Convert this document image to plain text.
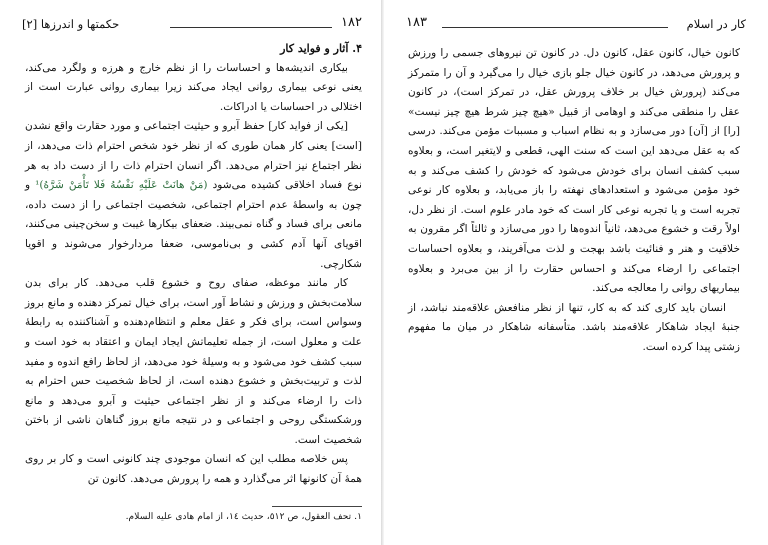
۱۸۲
حکمتها و اندرزها [۲]

۴. آثار و فواید کار

بیکاری اندیشه‌ها و احساسات را از نظم خارج و هرزه و ولگرد می‌کند، یعنی نوعی بیماری روانی ایجاد می‌کند زیرا بیماری روانی عبارت است از اختلالی در احساسات یا ادراکات.

[یکی از فواید کار] حفظ آبرو و حیثیت اجتماعی و مورد حقارت واقع نشدن [است] یعنی کار همان طوری که از نظر خود شخص احترام ذات می‌دهد، از نظر اجتماع نیز احترام می‌دهد. اگر انسان احترام ذات را از دست داد به هر نوع فساد اخلاقی کشیده می‌شود (مَنْ هانَتْ عَلَیْهِ نَفْسُهُ فَلا تَأْمَنْ شَرَّهُ)¹ و چون به واسطهٔ عدم احترام اجتماعی، شخصیت اجتماعی را از دست داده، مانعی برای فساد و گناه نمی‌بیند. ضعفای بیکارها غیبت و سخن‌چینی می‌کنند، اقویای آنها آدم کشی و بی‌ناموسی، ضعفا مردارخوار می‌شوند و اقویا شکارچی.

کار مانند موعظه، صفای روح و خشوع قلب می‌دهد. کار برای بدن سلامت‌بخش و ورزش و نشاط آور است، برای خیال تمرکز دهنده و مانع بروز وسواس است، برای فکر و عقل معلم و انتظام‌دهنده و آشناکننده به رابطهٔ علت و معلول است، از جمله تعلیماتش ایجاد ایمان و اعتقاد به خود است و سبب کشف خود می‌شود و به وسیلهٔ خود می‌دهد، از لحاظ رافع اندوه و مفید لذت و تربیت‌بخش و خشوع دهنده است، از لحاظ شخصیت حس احترام به ذات را ارضاء می‌کند و از نظر اجتماعی حیثیت و آبرو می‌دهد و مانع ورشکستگی روحی و اجتماعی و در نتیجه مانع بروز گناهان ناشی از باختن شخصیت است.

پس خلاصه مطلب این که انسان موجودی چند کانونی است و کار بر روی همهٔ آن کانونها اثر می‌گذارد و همه را پرورش می‌دهد. کانون تن

١. تحف العقول، ص ٥١٢، حدیث ١٤، از امام هادی علیه السلام.
کار در اسلام
۱۸۳

کانون خیال، کانون عقل، کانون دل. در کانون تن نیروهای جسمی را ورزش و پرورش می‌دهد، در کانون خیال جلو بازی خیال را می‌گیرد و آن را متمرکز می‌کند (پرورش خیال بر خلاف پرورش عقل، در تمرکز است)، در کانون عقل را منطقی می‌کند و اوهامی از قبیل «هیچ چیز شرط هیچ چیز نیست» [را] از [آن] دور می‌سازد و به نظام اسباب و مسببات مؤمن می‌کند. درسی که به عقل می‌دهد این است که سنت الهی، قطعی و لایتغیر است، و بعلاوه سبب کشف انسان برای خودش می‌شود که خودش را کشف می‌کند و به خود مؤمن می‌شود و استعدادهای نهفته را باز می‌یابد، و بعلاوه کار نوعی تجربه است و یا تجربه نوعی کار است که خود مادر علوم است. از نظر دل، اولاً رقت و خشوع می‌دهد، ثانیاً اندوه‌ها را دور می‌سازد و ثالثاً اگر مقرون به خلاقیت و هنر و فنائیت باشد بهجت و لذت می‌آفریند، و بعلاوه احساسات اجتماعی را ارضاء می‌کند و احساس حقارت را از بین می‌برد و بعلاوه بیماریهای روانی را معالجه می‌کند.

انسان باید کاری کند که به کار، تنها از نظر منافعش علاقه‌مند نباشد، از جنبهٔ ایجاد شاهکار علاقه‌مند باشد. متأسفانه شاهکار در میان ما مفهوم زشتی پیدا کرده است.
